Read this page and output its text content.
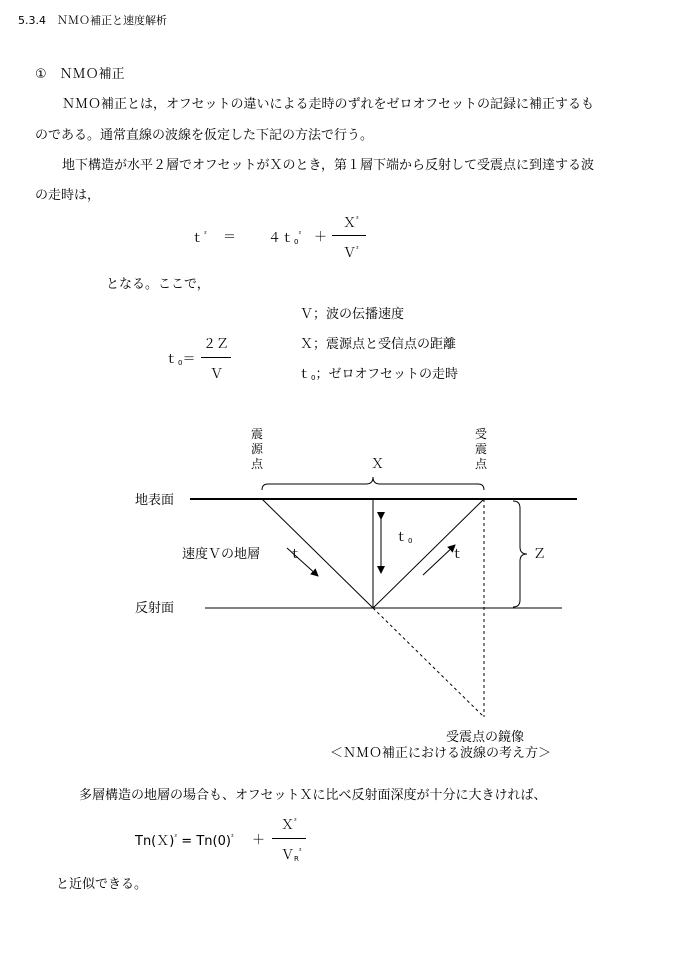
5.3.4　ＮＭＯ補正と速度解析
①　ＮＭＯ補正
ＮＭＯ補正とは，オフセットの違いによる走時のずれをゼロオフセットの記録に補正するも
のである。通常直線の波線を仮定した下記の方法で行う。
地下構造が水平２層でオフセットがＸのとき，第１層下端から反射して受震点に到達する波
の走時は，
ｔ$^{^2}$ ＝ ４ｔ$_0^{^2}$ ＋
Ｘ$^{^2}$
Ｖ$^{^2}$
となる。ここで，
Ｖ；波の伝播速度
Ｘ；震源点と受信点の距離
ｔ$_0$；ゼロオフセットの走時
ｔ$_0$＝
２Ｚ
Ｖ
震源点
受震点
Ｘ
地表面
速度Ｖの地層
反射面
ｔ	ｔ
ｔ$_0$
Ｚ
受震点の鏡像
＜ＮＭＯ補正における波線の考え方＞
多層構造の地層の場合も、オフセットＸに比べ反射面深度が十分に大きければ、
Tn(Ｘ)$^{^2}$ = $Tn(0)^{^2}$ ＋
Ｘ$^{^2}$
Ｖ$_R^{^2}$
と近似できる。
